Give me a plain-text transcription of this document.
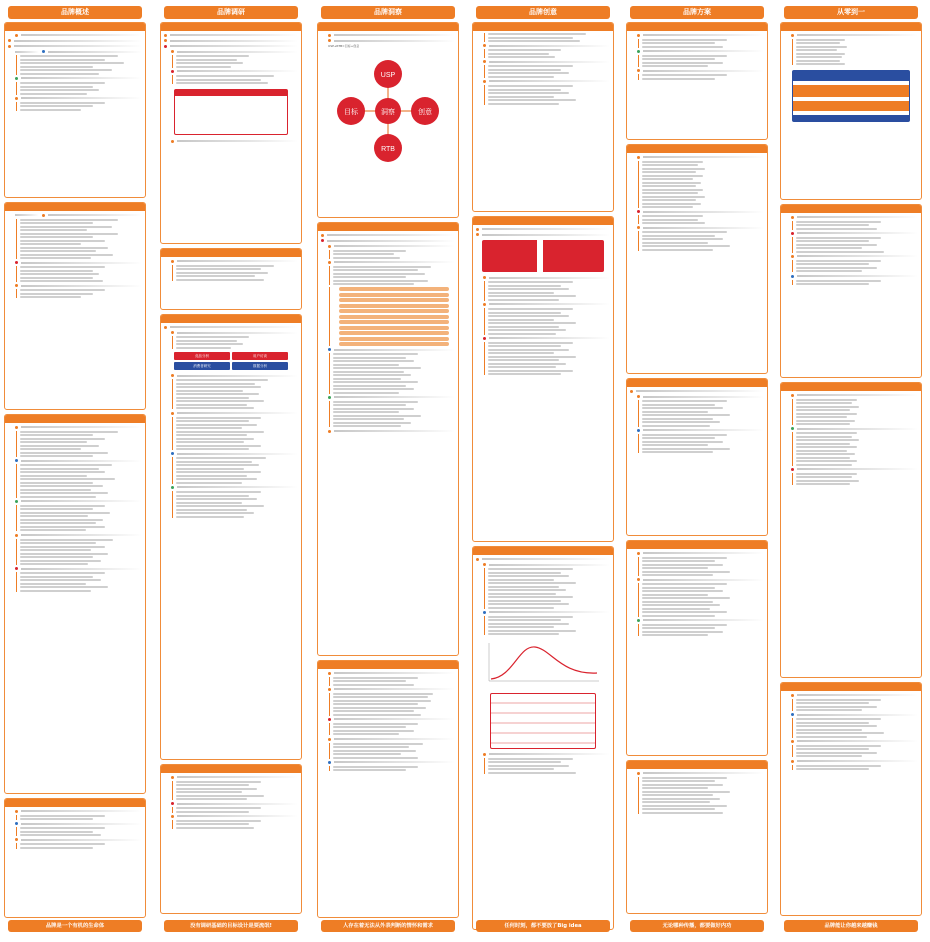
品牌概述
品牌是一个有机的生命体
品牌调研
竞品分析	用户访谈
消费者研究	数据分析
没有调研基础的目标设计是耍流氓!
品牌洞察
USP+RTB=目标+创意
USP
RTB
目标	创意
洞察
人存在着无法从外表判断的情怀和需求
品牌创意
任何时刻，都不要放了Big idea
品牌方案
无论哪种传播，都要做好内功
从零到一
品牌能让你越来越赚钱
